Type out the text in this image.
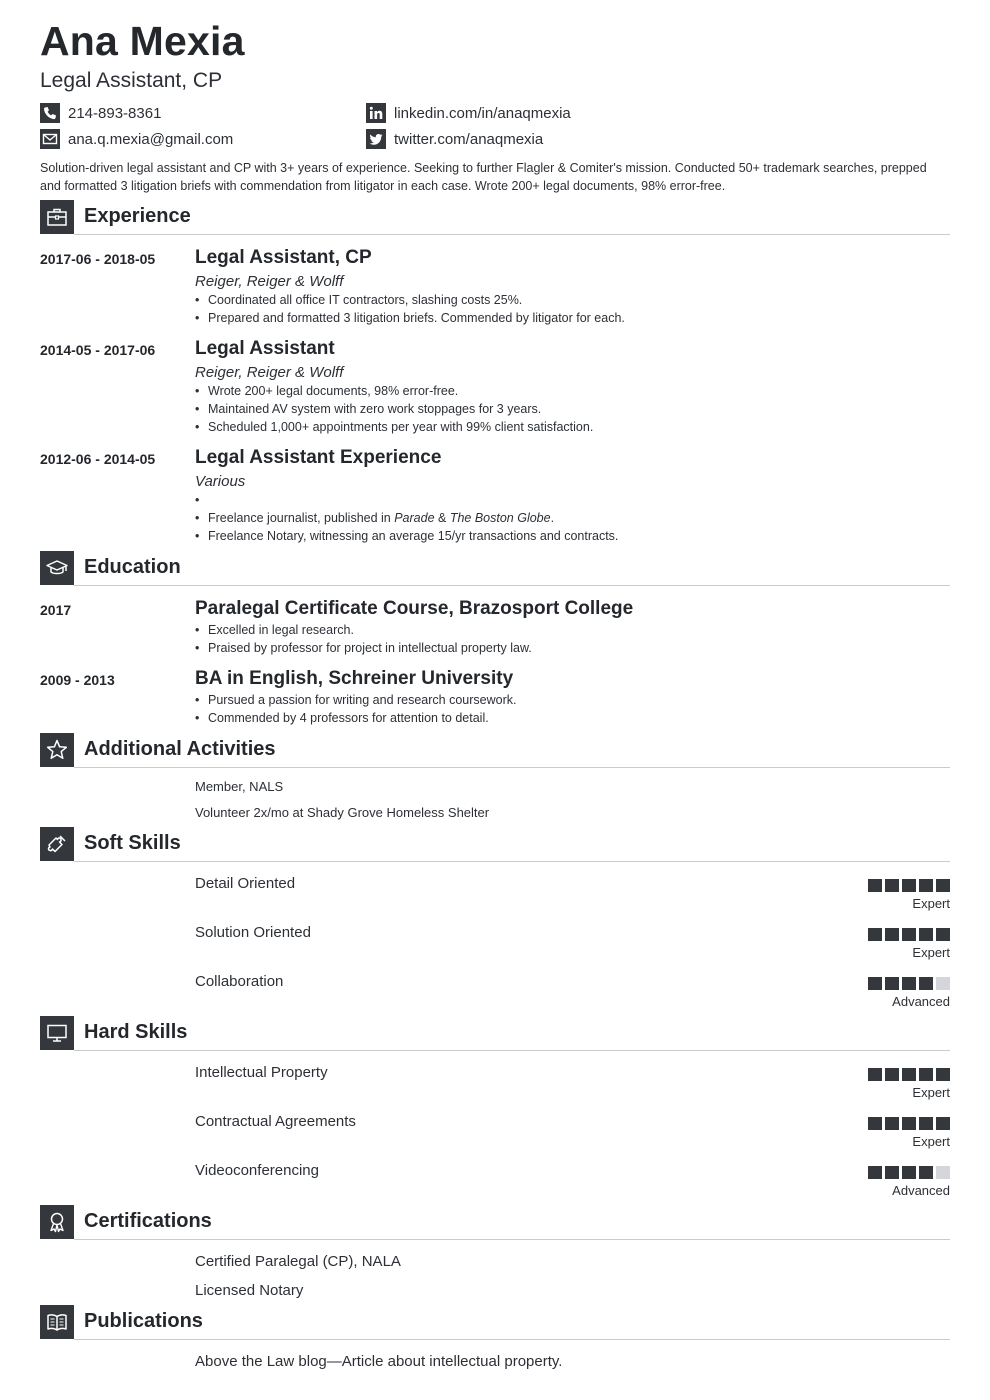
Ana Mexia
Legal Assistant, CP
214-893-8361
ana.q.mexia@gmail.com
linkedin.com/in/anaqmexia
twitter.com/anaqmexia
Solution-driven legal assistant and CP with 3+ years of experience. Seeking to further Flagler & Comiter's mission. Conducted 50+ trademark searches, prepped and formatted 3 litigation briefs with commendation from litigator in each case. Wrote 200+ legal documents, 98% error-free.
Experience
2017-06 - 2018-05 Legal Assistant, CP
Reiger, Reiger & Wolff
• Coordinated all office IT contractors, slashing costs 25%.
• Prepared and formatted 3 litigation briefs. Commended by litigator for each.
2014-05 - 2017-06 Legal Assistant
Reiger, Reiger & Wolff
• Wrote 200+ legal documents, 98% error-free.
• Maintained AV system with zero work stoppages for 3 years.
• Scheduled 1,000+ appointments per year with 99% client satisfaction.
2012-06 - 2014-05 Legal Assistant Experience
Various
•
• Freelance journalist, published in Parade & The Boston Globe.
• Freelance Notary, witnessing an average 15/yr transactions and contracts.
Education
2017	Paralegal Certificate Course, Brazosport College
• Excelled in legal research.
• Praised by professor for project in intellectual property law.
2009 - 2013	BA in English, Schreiner University
• Pursued a passion for writing and research coursework.
• Commended by 4 professors for attention to detail.
Additional Activities
Member, NALS
Volunteer 2x/mo at Shady Grove Homeless Shelter
Soft Skills
Detail Oriented
Expert
Solution Oriented
Expert
Collaboration
Advanced
Hard Skills
Intellectual Property
Expert
Contractual Agreements
Expert
Videoconferencing
Advanced
Certifications
Certified Paralegal (CP), NALA
Licensed Notary
Publications
Above the Law blog—Article about intellectual property.
